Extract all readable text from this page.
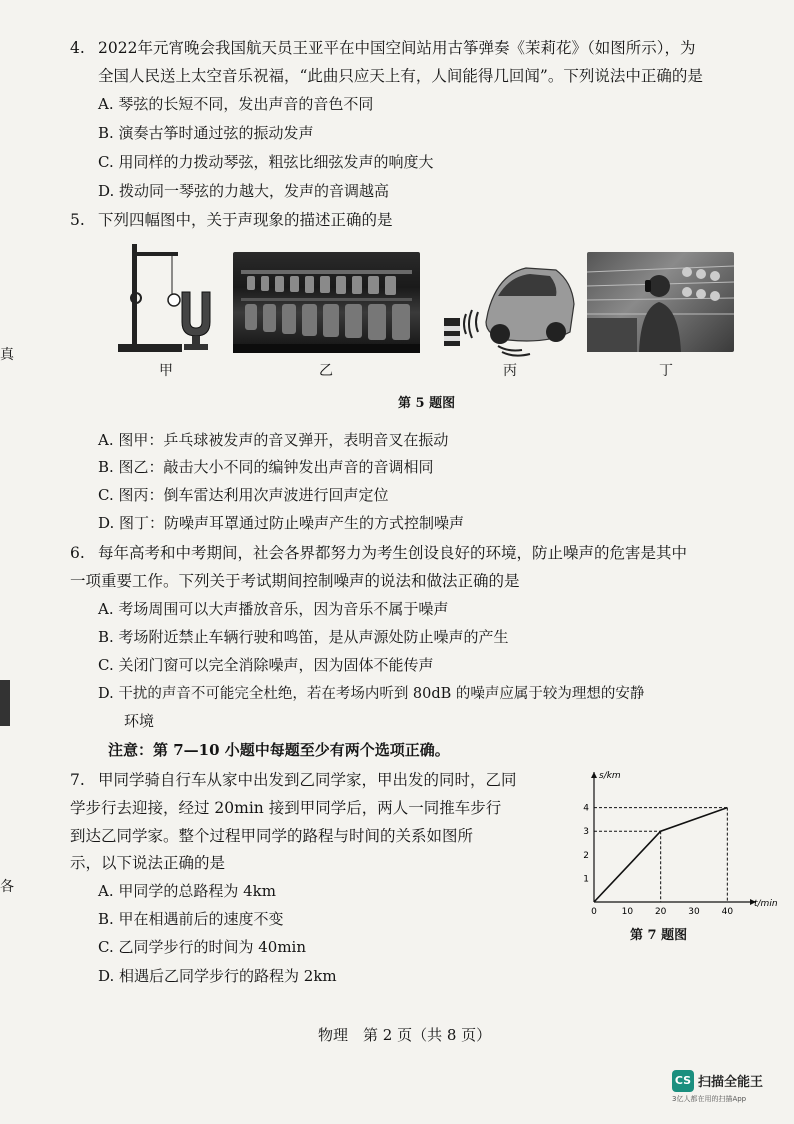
真
各
4. 2022年元宵晚会我国航天员王亚平在中国空间站用古筝弹奏《茉莉花》（如图所示），为
全国人民送上太空音乐祝福，“此曲只应天上有，人间能得几回闻”。下列说法中正确的是
A. 琴弦的长短不同，发出声音的音色不同
B. 演奏古筝时通过弦的振动发声
C. 用同样的力拨动琴弦，粗弦比细弦发声的响度大
D. 拨动同一琴弦的力越大，发声的音调越高
5. 下列四幅图中，关于声现象的描述正确的是
甲	乙	丙	丁
第 5 题图
A. 图甲：乒乓球被发声的音叉弹开，表明音叉在振动
B. 图乙：敲击大小不同的编钟发出声音的音调相同
C. 图丙：倒车雷达利用次声波进行回声定位
D. 图丁：防噪声耳罩通过防止噪声产生的方式控制噪声
6. 每年高考和中考期间，社会各界都努力为考生创设良好的环境，防止噪声的危害是其中
一项重要工作。下列关于考试期间控制噪声的说法和做法正确的是
A. 考场周围可以大声播放音乐，因为音乐不属于噪声
B. 考场附近禁止车辆行驶和鸣笛，是从声源处防止噪声的产生
C. 关闭门窗可以完全消除噪声，因为固体不能传声
D. 干扰的声音不可能完全杜绝，若在考场内听到 80dB 的噪声应属于较为理想的安静
环境
注意：第 7—10 小题中每题至少有两个选项正确。
7. 甲同学骑自行车从家中出发到乙同学家，甲出发的同时，乙同
学步行去迎接，经过 20min 接到甲同学后，两人一同推车步行
到达乙同学家。整个过程甲同学的路程与时间的关系如图所
示，以下说法正确的是
A. 甲同学的总路程为 4km
B. 甲在相遇前后的速度不变
C. 乙同学步行的时间为 40min
D. 相遇后乙同学步行的路程为 2km
s/km
t/min
0	10 20 30 40
1
2
3
4
第 7 题图
物理　第 2 页（共 8 页）
CS 扫描全能王
3亿人都在用的扫描App
